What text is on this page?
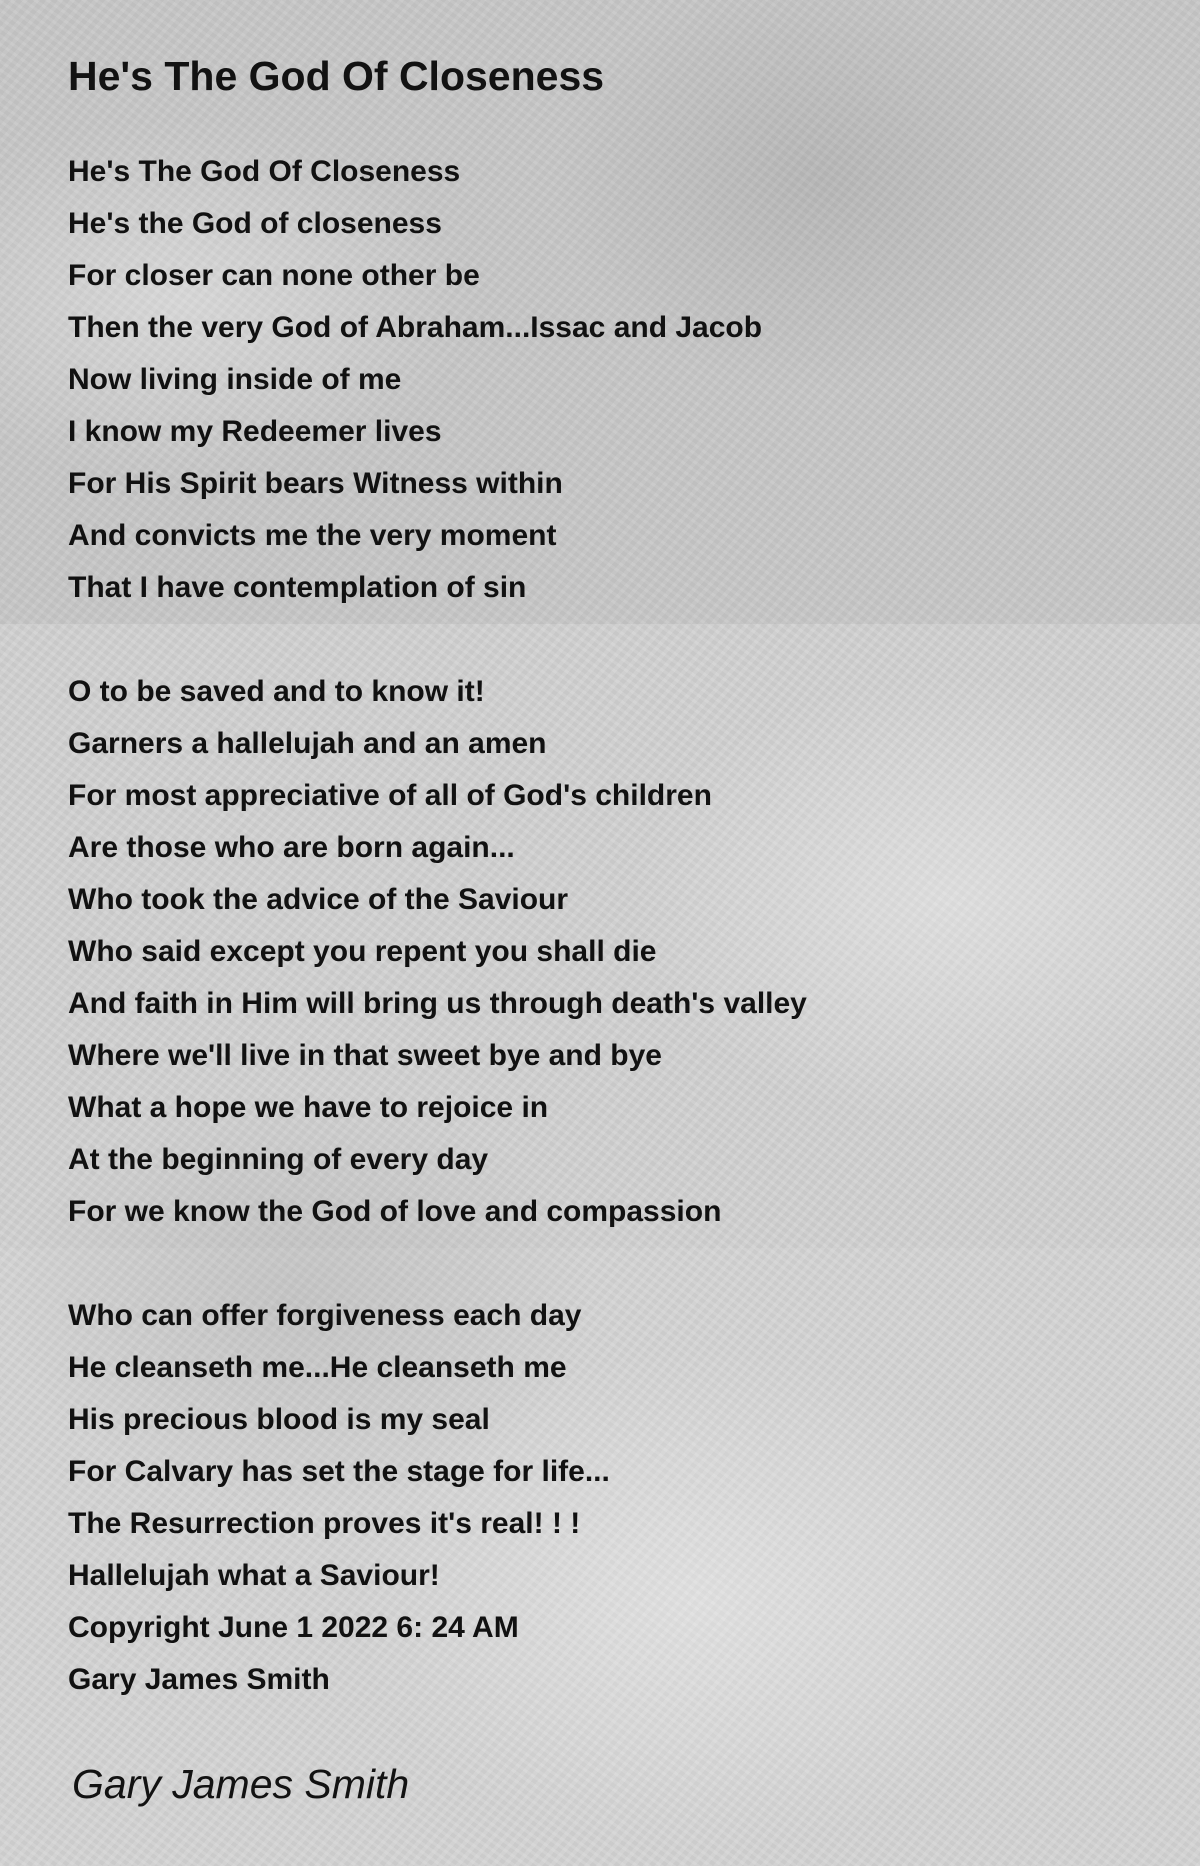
He's The God Of Closeness
He's The God Of Closeness
He's the God of closeness
For closer can none other be
Then the very God of Abraham...Issac and Jacob
Now living inside of me
I know my Redeemer lives
For His Spirit bears Witness within
And convicts me the very moment
That I have contemplation of sin
O to be saved and to know it!
Garners a hallelujah and an amen
For most appreciative of all of God's children
Are those who are born again...
Who took the advice of the Saviour
Who said except you repent you shall die
And faith in Him will bring us through death's valley
Where we'll live in that sweet bye and bye
What a hope we have to rejoice in
At the beginning of every day
For we know the God of love and compassion
Who can offer forgiveness each day
He cleanseth me...He cleanseth me
His precious blood is my seal
For Calvary has set the stage for life...
The Resurrection proves it's real! ! !
Hallelujah what a Saviour!
Copyright June 1 2022 6: 24 AM
Gary James Smith
Gary James Smith
